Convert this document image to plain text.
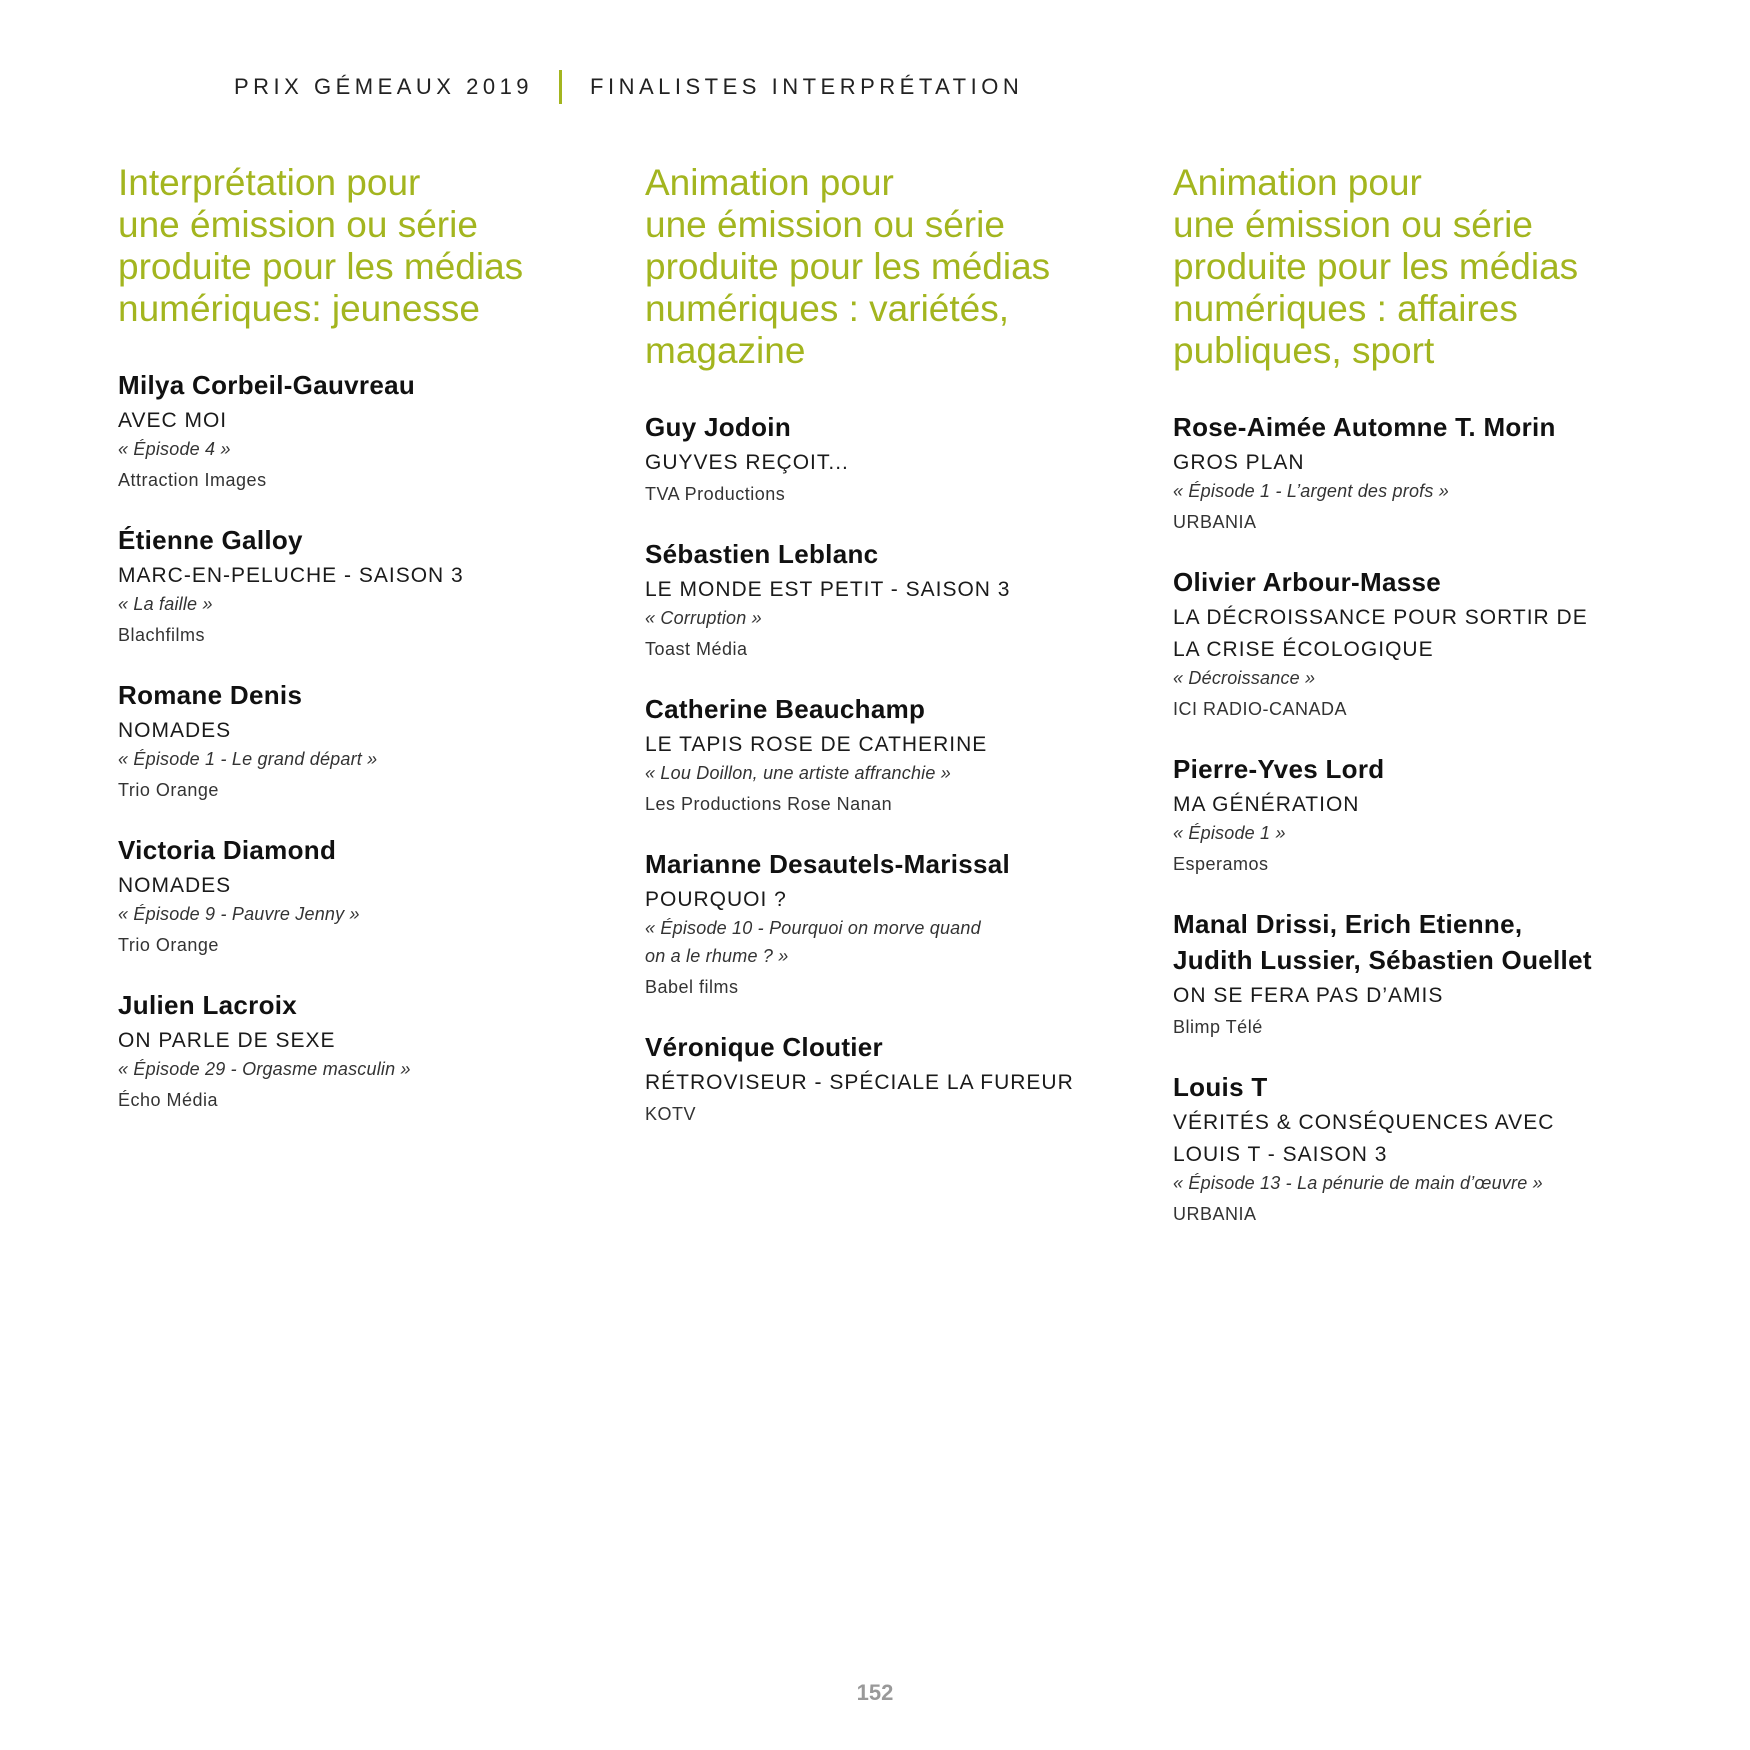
PRIX GÉMEAUX 2019	FINALISTES INTERPRÉTATION
Interprétation pour
une émission ou série
produite pour les médias
numériques: jeunesse
Milya Corbeil-Gauvreau
AVEC MOI
« Épisode 4 »
Attraction Images
Étienne Galloy
MARC-EN-PELUCHE - SAISON 3
« La faille »
Blachfilms
Romane Denis
NOMADES
« Épisode 1 - Le grand départ »
Trio Orange
Victoria Diamond
NOMADES
« Épisode 9 - Pauvre Jenny »
Trio Orange
Julien Lacroix
ON PARLE DE SEXE
« Épisode 29 - Orgasme masculin »
Écho Média
Animation pour
une émission ou série
produite pour les médias
numériques : variétés,
magazine
Guy Jodoin
GUYVES REÇOIT...
TVA Productions
Sébastien Leblanc
LE MONDE EST PETIT - SAISON 3
« Corruption »
Toast Média
Catherine Beauchamp
LE TAPIS ROSE DE CATHERINE
« Lou Doillon, une artiste affranchie »
Les Productions Rose Nanan
Marianne Desautels-Marissal
POURQUOI ?
« Épisode 10 - Pourquoi on morve quand
on a le rhume ? »
Babel films
Véronique Cloutier
RÉTROVISEUR - SPÉCIALE LA FUREUR
KOTV
Animation pour
une émission ou série
produite pour les médias
numériques : affaires
publiques, sport
Rose-Aimée Automne T. Morin
GROS PLAN
« Épisode 1 - L’argent des profs »
URBANIA
Olivier Arbour-Masse
LA DÉCROISSANCE POUR SORTIR DE
LA CRISE ÉCOLOGIQUE
« Décroissance »
ICI RADIO-CANADA
Pierre-Yves Lord
MA GÉNÉRATION
« Épisode 1 »
Esperamos
Manal Drissi, Erich Etienne,
Judith Lussier, Sébastien Ouellet
ON SE FERA PAS D’AMIS
Blimp Télé
Louis T
VÉRITÉS & CONSÉQUENCES AVEC
LOUIS T - SAISON 3
« Épisode 13 - La pénurie de main d’œuvre »
URBANIA
152
